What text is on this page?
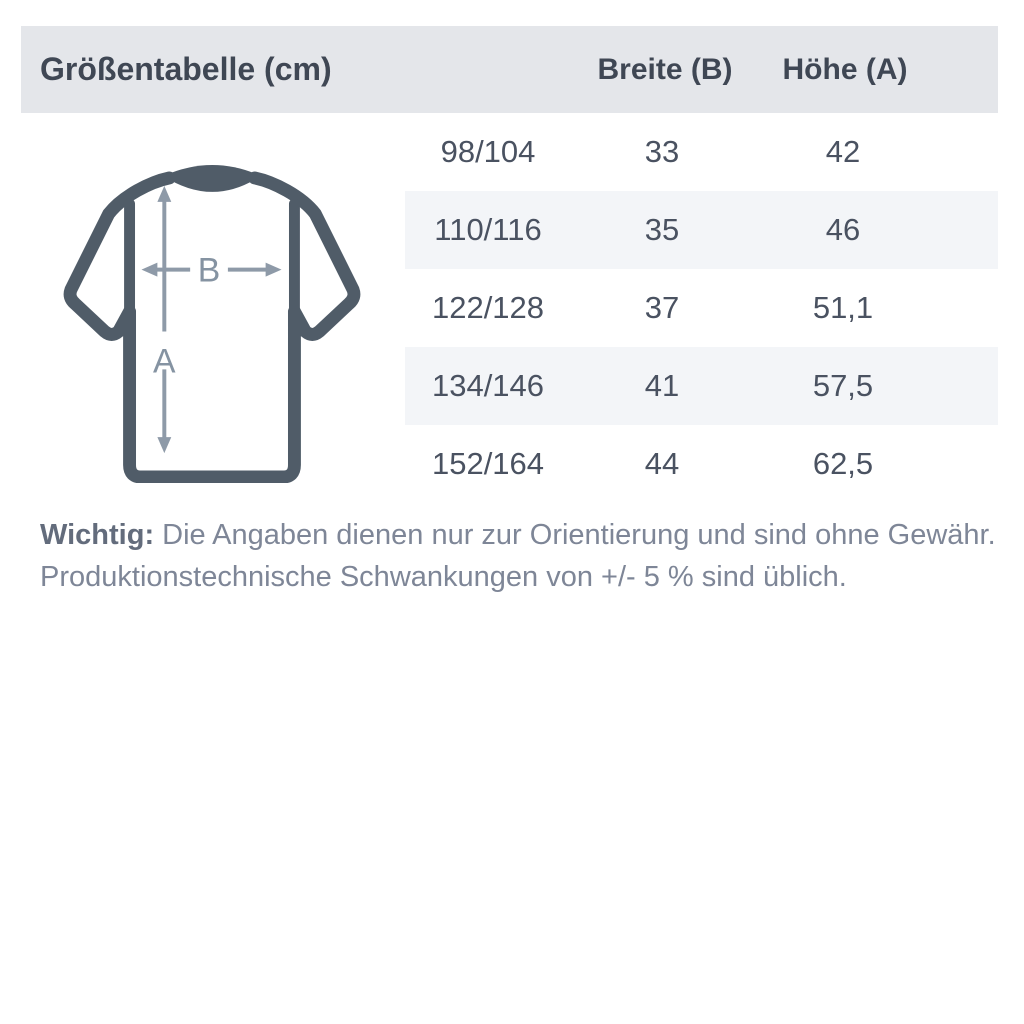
Größentabelle (cm)	Breite (B) Höhe (A)
A
B
98/104	33	42
110/116	35	46
122/128	37	51,1
134/146	41	57,5
152/164	44	62,5
Wichtig: Die Angaben dienen nur zur Orientierung und sind ohne Gewähr.
Produktionstechnische Schwankungen von +/- 5 % sind üblich.
